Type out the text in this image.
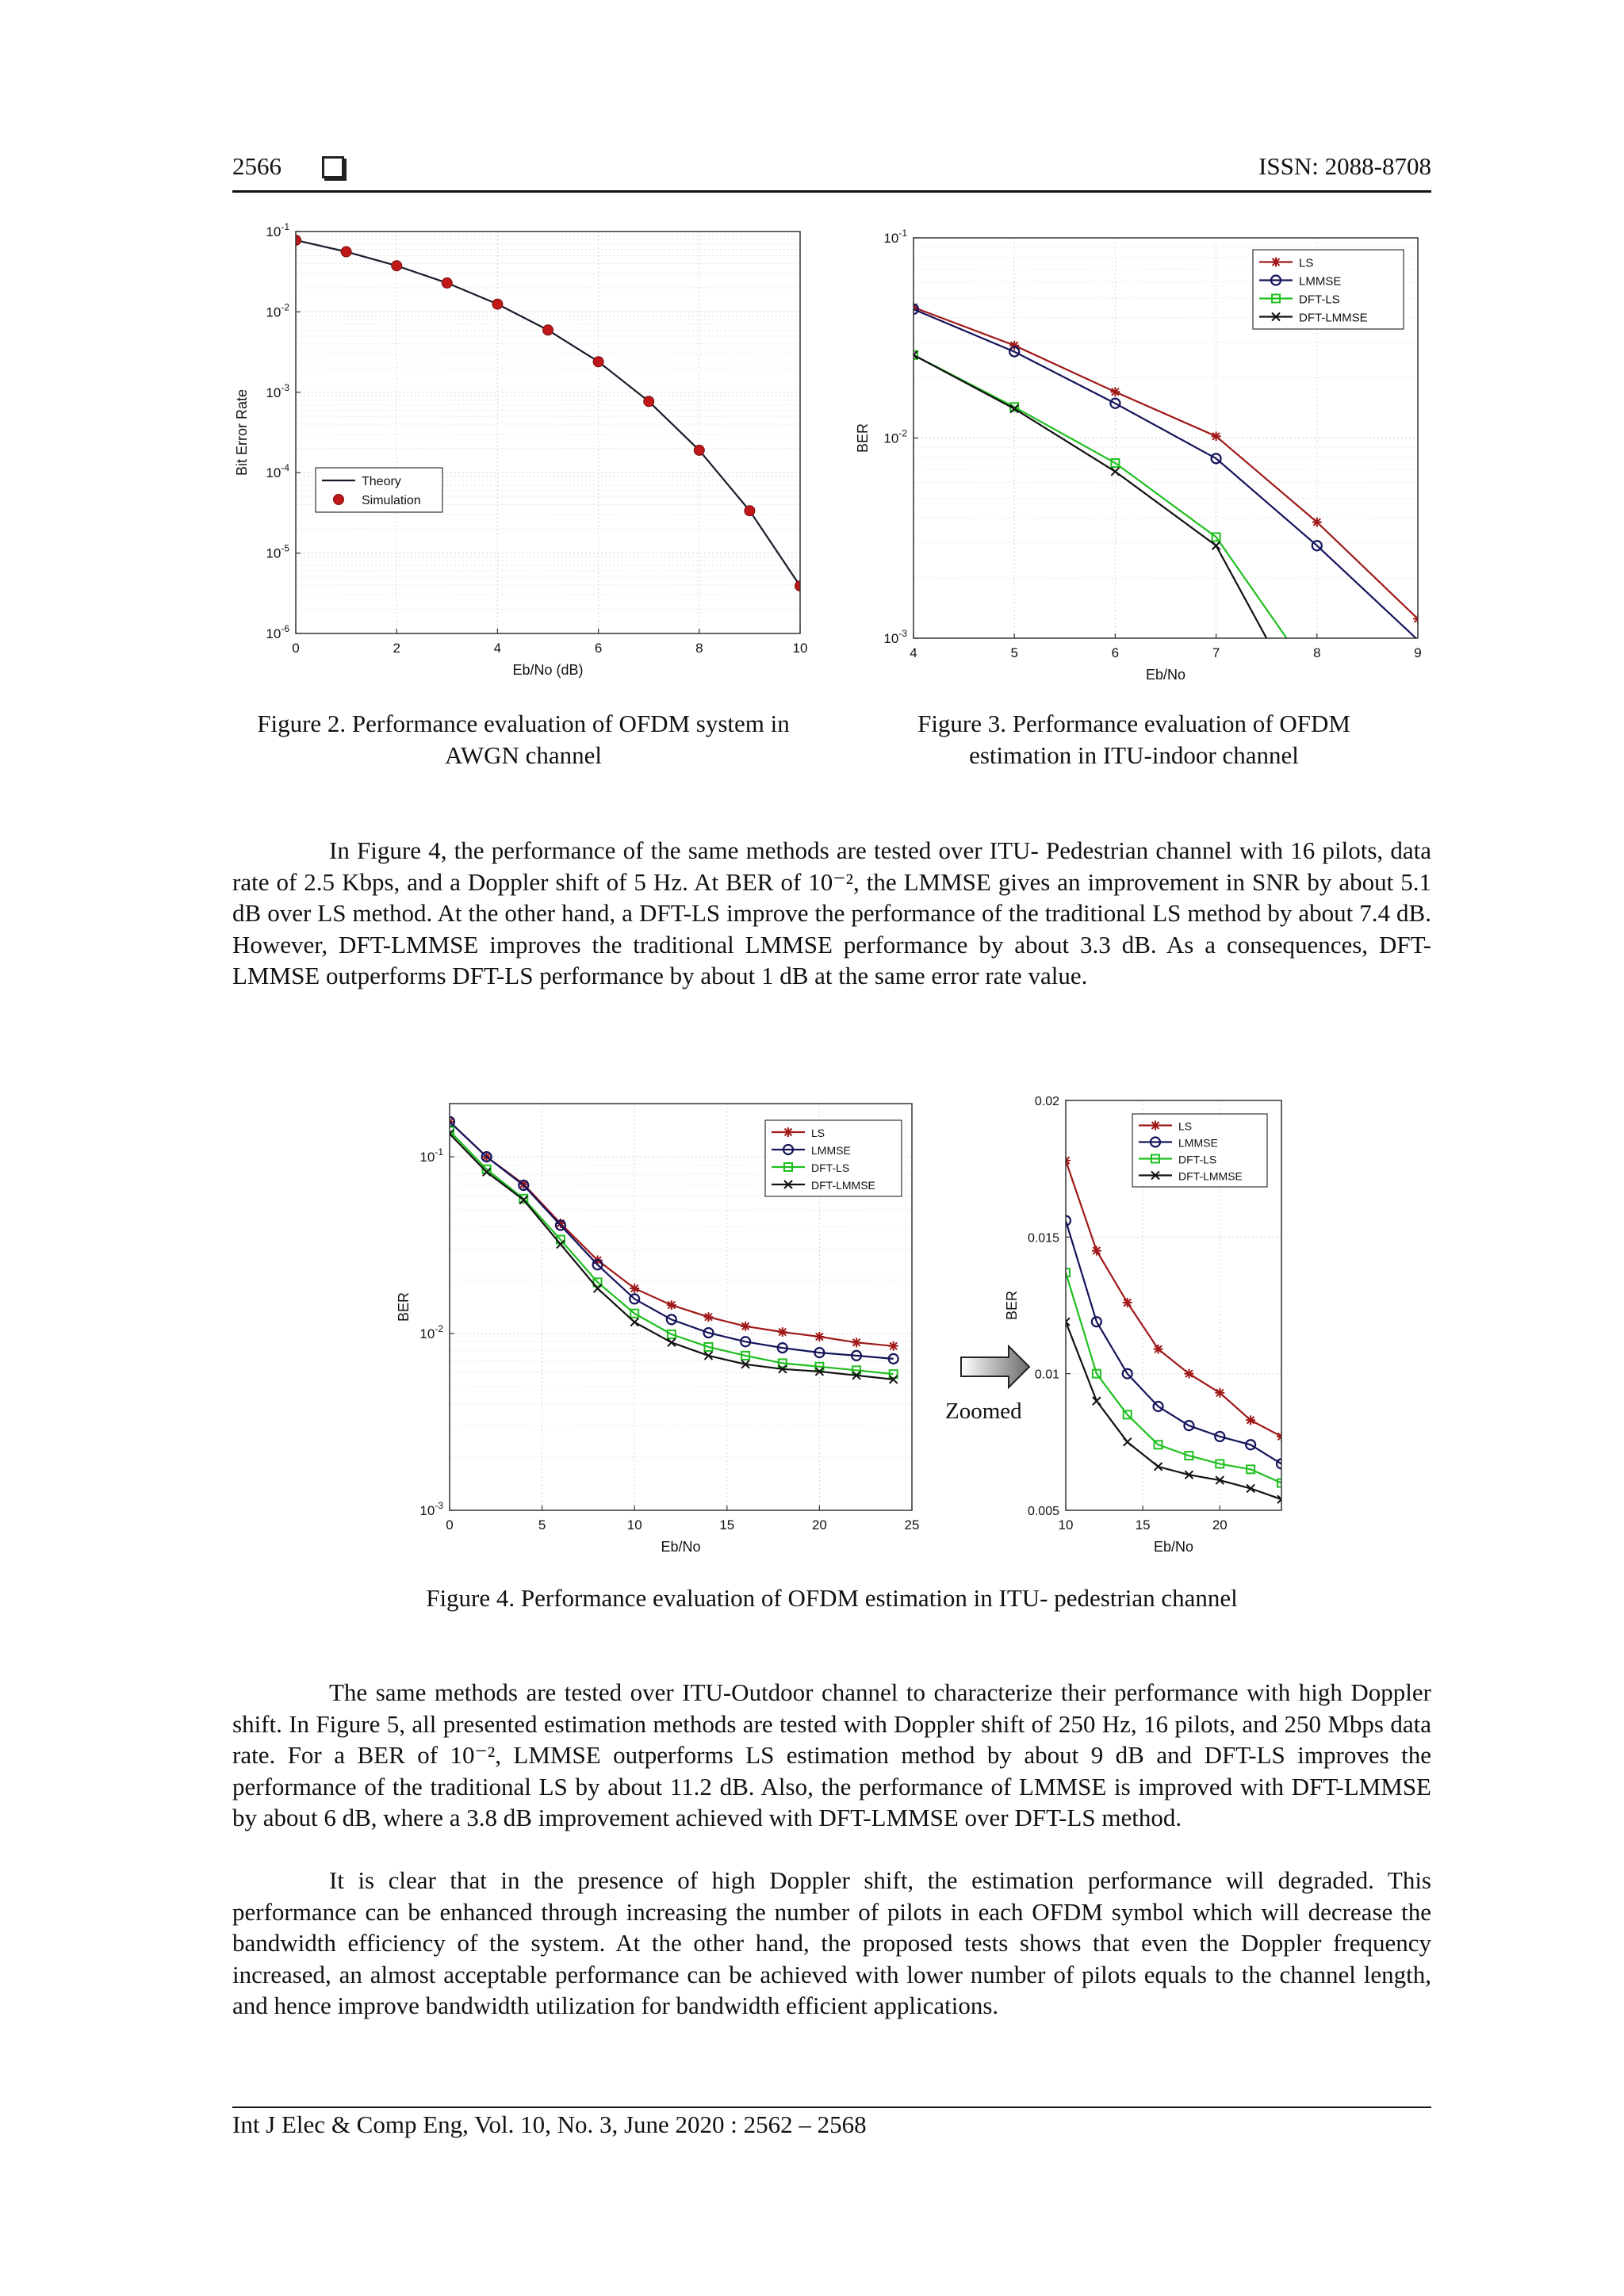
2566	ISSN: 2088-8708
0	2	4	6	8	10
$10^{-6}$
$10^{-5}$
$10^{-4}$
$10^{-3}$
$10^{-2}$
$10^{-1}$
Eb/No (dB)
Bit Error Rate
Theory
Simulation
Figure 2. Performance evaluation of OFDM system in AWGN channel
4	5	6	7	8	9
$10^{-3}$
$10^{-2}$
$10^{-1}$
Eb/No
BER
LS
LMMSE
DFT-LS
DFT-LMMSE
Figure 3. Performance evaluation of OFDM estimation in ITU-indoor channel

In Figure 4, the performance of the same methods are tested over ITU- Pedestrian channel with 16 pilots, data rate of 2.5 Kbps, and a Doppler shift of 5 Hz. At BER of 10⁻², the LMMSE gives an improvement in SNR by about 5.1 dB over LS method. At the other hand, a DFT-LS improve the performance of the traditional LS method by about 7.4 dB. However, DFT-LMMSE improves the traditional LMMSE performance by about 3.3 dB. As a consequences, DFT-LMMSE outperforms DFT-LS performance by about 1 dB at the same error rate value.

0	5	10	15	20	25
$10^{-3}$
$10^{-2}$
$10^{-1}$
Eb/No
BER
LS
LMMSE
DFT-LS
DFT-LMMSE
10	15	20
0.005
0.01
0.015
0.02
Eb/No
BER
LS
LMMSE
DFT-LS
DFT-LMMSE
Zoomed
Figure 4. Performance evaluation of OFDM estimation in ITU- pedestrian channel

The same methods are tested over ITU-Outdoor channel to characterize their performance with high Doppler shift. In Figure 5, all presented estimation methods are tested with Doppler shift of 250 Hz, 16 pilots, and 250 Mbps data rate. For a BER of 10⁻², LMMSE outperforms LS estimation method by about 9 dB and DFT-LS improves the performance of the traditional LS by about 11.2 dB. Also, the performance of LMMSE is improved with DFT-LMMSE by about 6 dB, where a 3.8 dB improvement achieved with DFT-LMMSE over DFT-LS method.

It is clear that in the presence of high Doppler shift, the estimation performance will degraded. This performance can be enhanced through increasing the number of pilots in each OFDM symbol which will decrease the bandwidth efficiency of the system. At the other hand, the proposed tests shows that even the Doppler frequency increased, an almost acceptable performance can be achieved with lower number of pilots equals to the channel length, and hence improve bandwidth utilization for bandwidth efficient applications.

Int J Elec & Comp Eng, Vol. 10, No. 3, June 2020 : 2562 – 2568
